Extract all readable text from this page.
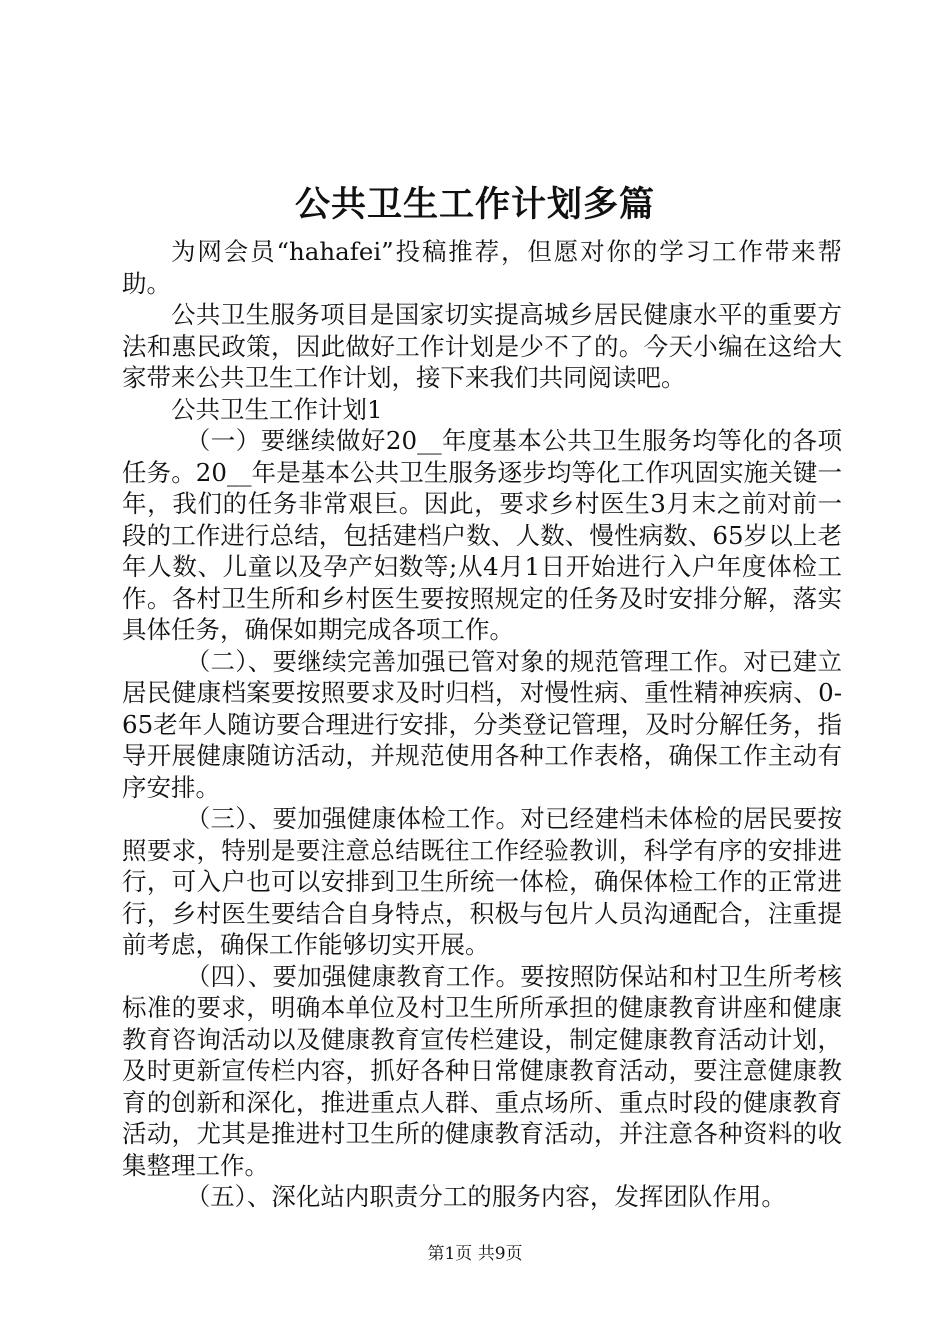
公共卫生工作计划多篇

为网会员“hahafei”投稿推荐，但愿对你的学习工作带来帮助。

公共卫生服务项目是国家切实提高城乡居民健康水平的重要方法和惠民政策，因此做好工作计划是少不了的。今天小编在这给大家带来公共卫生工作计划，接下来我们共同阅读吧。

公共卫生工作计划1

（一）要继续做好20__年度基本公共卫生服务均等化的各项任务。20__年是基本公共卫生服务逐步均等化工作巩固实施关键一年，我们的任务非常艰巨。因此，要求乡村医生3月末之前对前一段的工作进行总结，包括建档户数、人数、慢性病数、65岁以上老年人数、儿童以及孕产妇数等;从4月1日开始进行入户年度体检工作。各村卫生所和乡村医生要按照规定的任务及时安排分解，落实具体任务，确保如期完成各项工作。

（二）、要继续完善加强已管对象的规范管理工作。对已建立居民健康档案要按照要求及时归档，对慢性病、重性精神疾病、0-65老年人随访要合理进行安排，分类登记管理，及时分解任务，指导开展健康随访活动，并规范使用各种工作表格，确保工作主动有序安排。

（三）、要加强健康体检工作。对已经建档未体检的居民要按照要求，特别是要注意总结既往工作经验教训，科学有序的安排进行，可入户也可以安排到卫生所统一体检，确保体检工作的正常进行，乡村医生要结合自身特点，积极与包片人员沟通配合，注重提前考虑，确保工作能够切实开展。

（四）、要加强健康教育工作。要按照防保站和村卫生所考核标准的要求，明确本单位及村卫生所所承担的健康教育讲座和健康教育咨询活动以及健康教育宣传栏建设，制定健康教育活动计划，及时更新宣传栏内容，抓好各种日常健康教育活动，要注意健康教育的创新和深化，推进重点人群、重点场所、重点时段的健康教育活动，尤其是推进村卫生所的健康教育活动，并注意各种资料的收集整理工作。

（五）、深化站内职责分工的服务内容，发挥团队作用。

第1页 共9页
